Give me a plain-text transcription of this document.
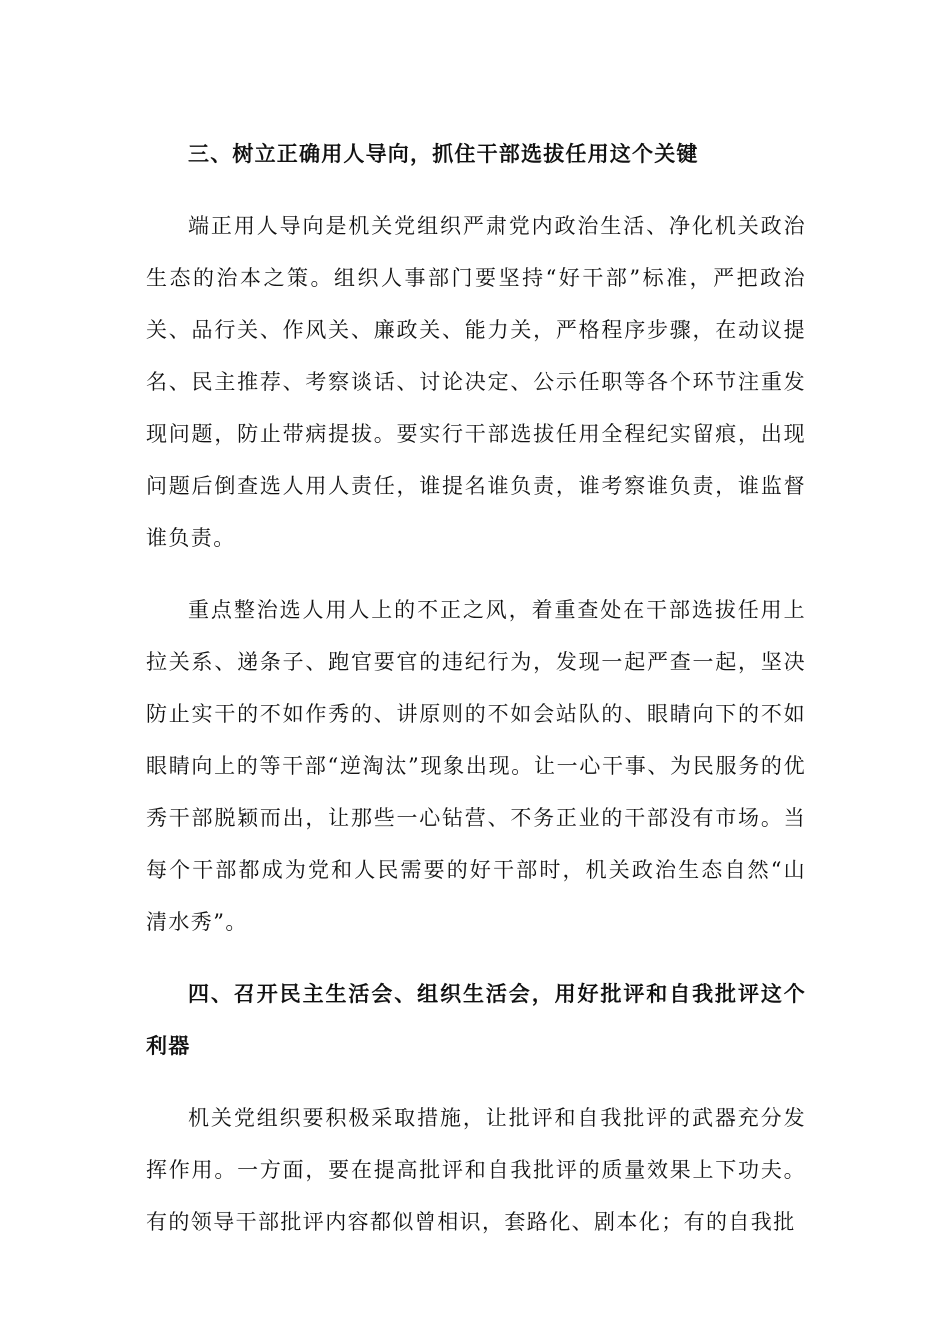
三、树立正确用人导向，抓住干部选拔任用这个关键

端正用人导向是机关党组织严肃党内政治生活、净化机关政治生态的治本之策。组织人事部门要坚持“好干部”标准，严把政治关、品行关、作风关、廉政关、能力关，严格程序步骤，在动议提名、民主推荐、考察谈话、讨论决定、公示任职等各个环节注重发现问题，防止带病提拔。要实行干部选拔任用全程纪实留痕，出现问题后倒查选人用人责任，谁提名谁负责，谁考察谁负责，谁监督谁负责。

重点整治选人用人上的不正之风，着重查处在干部选拔任用上拉关系、递条子、跑官要官的违纪行为，发现一起严查一起，坚决防止实干的不如作秀的、讲原则的不如会站队的、眼睛向下的不如眼睛向上的等干部“逆淘汰”现象出现。让一心干事、为民服务的优秀干部脱颖而出，让那些一心钻营、不务正业的干部没有市场。当每个干部都成为党和人民需要的好干部时，机关政治生态自然“山清水秀”。

四、召开民主生活会、组织生活会，用好批评和自我批评这个利器

机关党组织要积极采取措施，让批评和自我批评的武器充分发挥作用。一方面，要在提高批评和自我批评的质量效果上下功夫。有的领导干部批评内容都似曾相识，套路化、剧本化；有的自我批
